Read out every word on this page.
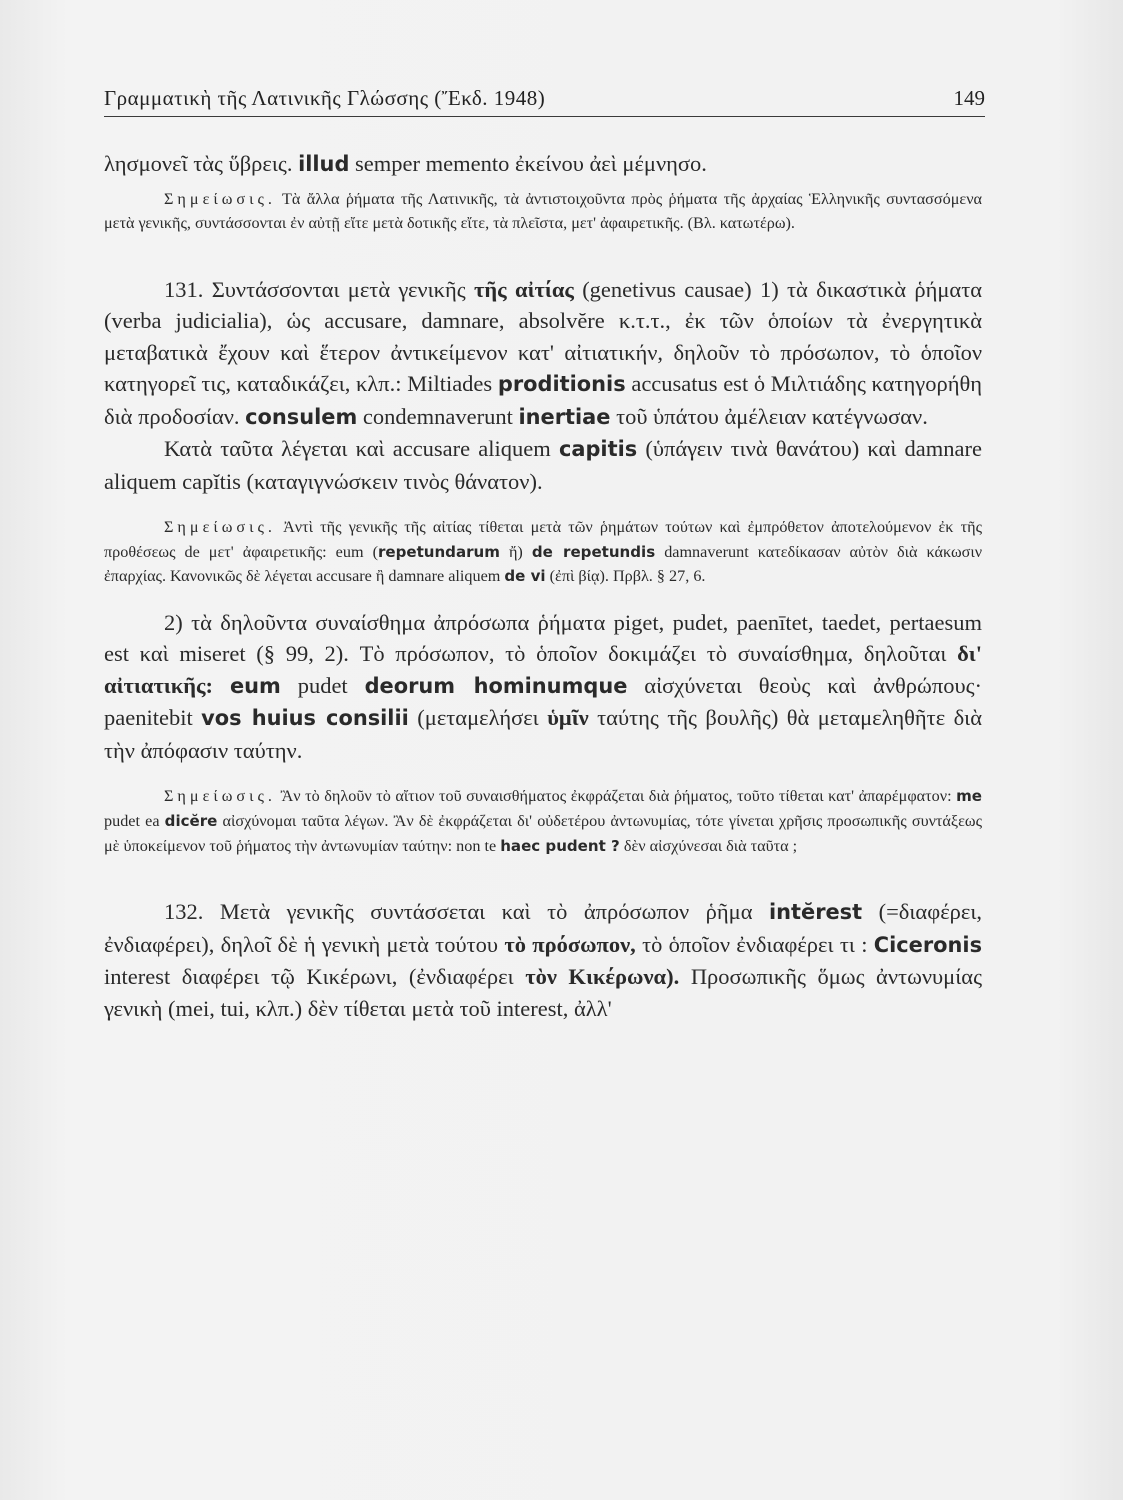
Γραμματικὴ τῆς Λατινικῆς Γλώσσης (Ἔκδ. 1948)	149

λησμονεῖ τὰς ὕβρεις. illud semper memento ἐκείνου ἀεὶ μέμνησο.

Σημείωσις. Τὰ ἄλλα ῥήματα τῆς Λατινικῆς, τὰ ἀντιστοιχοῦντα πρὸς ῥήματα τῆς ἀρχαίας Ἑλληνικῆς συντασσόμενα μετὰ γενικῆς, συντάσσονται ἐν αὐτῇ εἴτε μετὰ δοτικῆς εἴτε, τὰ πλεῖστα, μετ' ἀφαιρετικῆς. (Βλ. κατωτέρω).

131. Συντάσσονται μετὰ γενικῆς τῆς αἰτίας (genetivus causae) 1) τὰ δικαστικὰ ῥήματα (verba judicialia), ὡς accusare, damnare, absolvĕre κ.τ.τ., ἐκ τῶν ὁποίων τὰ ἐνεργητικὰ μεταβατικὰ ἔχουν καὶ ἕτερον ἀντικείμενον κατ' αἰτιατικήν, δηλοῦν τὸ πρόσωπον, τὸ ὁποῖον κατηγορεῖ τις, καταδικάζει, κλπ.: Miltiades proditionis accusatus est ὁ Μιλτιάδης κατηγορήθη διὰ προδοσίαν. consulem condemnaverunt inertiae τοῦ ὑπάτου ἀμέλειαν κατέγνωσαν.

Κατὰ ταῦτα λέγεται καὶ accusare aliquem capitis (ὑπάγειν τινὰ θανάτου) καὶ damnare aliquem capĭtis (καταγιγνώσκειν τινὸς θάνατον).

Σημείωσις. Ἀντὶ τῆς γενικῆς τῆς αἰτίας τίθεται μετὰ τῶν ῥημάτων τούτων καὶ ἐμπρόθετον ἀποτελούμενον ἐκ τῆς προθέσεως de μετ' ἀφαιρετικῆς: eum (repetundarum ἤ) de repetundis damnaverunt κατεδίκασαν αὐτὸν διὰ κάκωσιν ἐπαρχίας. Κανονικῶς δὲ λέγεται accusare ἢ damnare aliquem de vi (ἐπὶ βίᾳ). Πρβλ. § 27, 6.

2) τὰ δηλοῦντα συναίσθημα ἀπρόσωπα ῥήματα piget, pudet, paenītet, taedet, pertaesum est καὶ miseret (§ 99, 2). Τὸ πρόσωπον, τὸ ὁποῖον δοκιμάζει τὸ συναίσθημα, δηλοῦται δι' αἰτιατικῆς: eum pudet deorum hominumque αἰσχύνεται θεοὺς καὶ ἀνθρώπους· paenitebit vos huius consilii (μεταμελήσει ὑμῖν ταύτης τῆς βουλῆς) θὰ μεταμεληθῆτε διὰ τὴν ἀπόφασιν ταύτην.

Σημείωσις. Ἂν τὸ δηλοῦν τὸ αἴτιον τοῦ συναισθήματος ἐκφράζεται διὰ ῥήματος, τοῦτο τίθεται κατ' ἀπαρέμφατον: me pudet ea dicĕre αἰσχύνομαι ταῦτα λέγων. Ἂν δὲ ἐκφράζεται δι' οὐδετέρου ἀντωνυμίας, τότε γίνεται χρῆσις προσωπικῆς συντάξεως μὲ ὑποκείμενον τοῦ ῥήματος τὴν ἀντωνυμίαν ταύτην: non te haec pudent ? δὲν αἰσχύνεσαι διὰ ταῦτα ;

132. Μετὰ γενικῆς συντάσσεται καὶ τὸ ἀπρόσωπον ῥῆμα intĕrest (=διαφέρει, ἐνδιαφέρει), δηλοῖ δὲ ἡ γενικὴ μετὰ τούτου τὸ πρόσωπον, τὸ ὁποῖον ἐνδιαφέρει τι : Ciceronis interest διαφέρει τῷ Κικέρωνι, (ἐνδιαφέρει τὸν Κικέρωνα). Προσωπικῆς ὅμως ἀντωνυμίας γενικὴ (mei, tui, κλπ.) δὲν τίθεται μετὰ τοῦ interest, ἀλλ'
